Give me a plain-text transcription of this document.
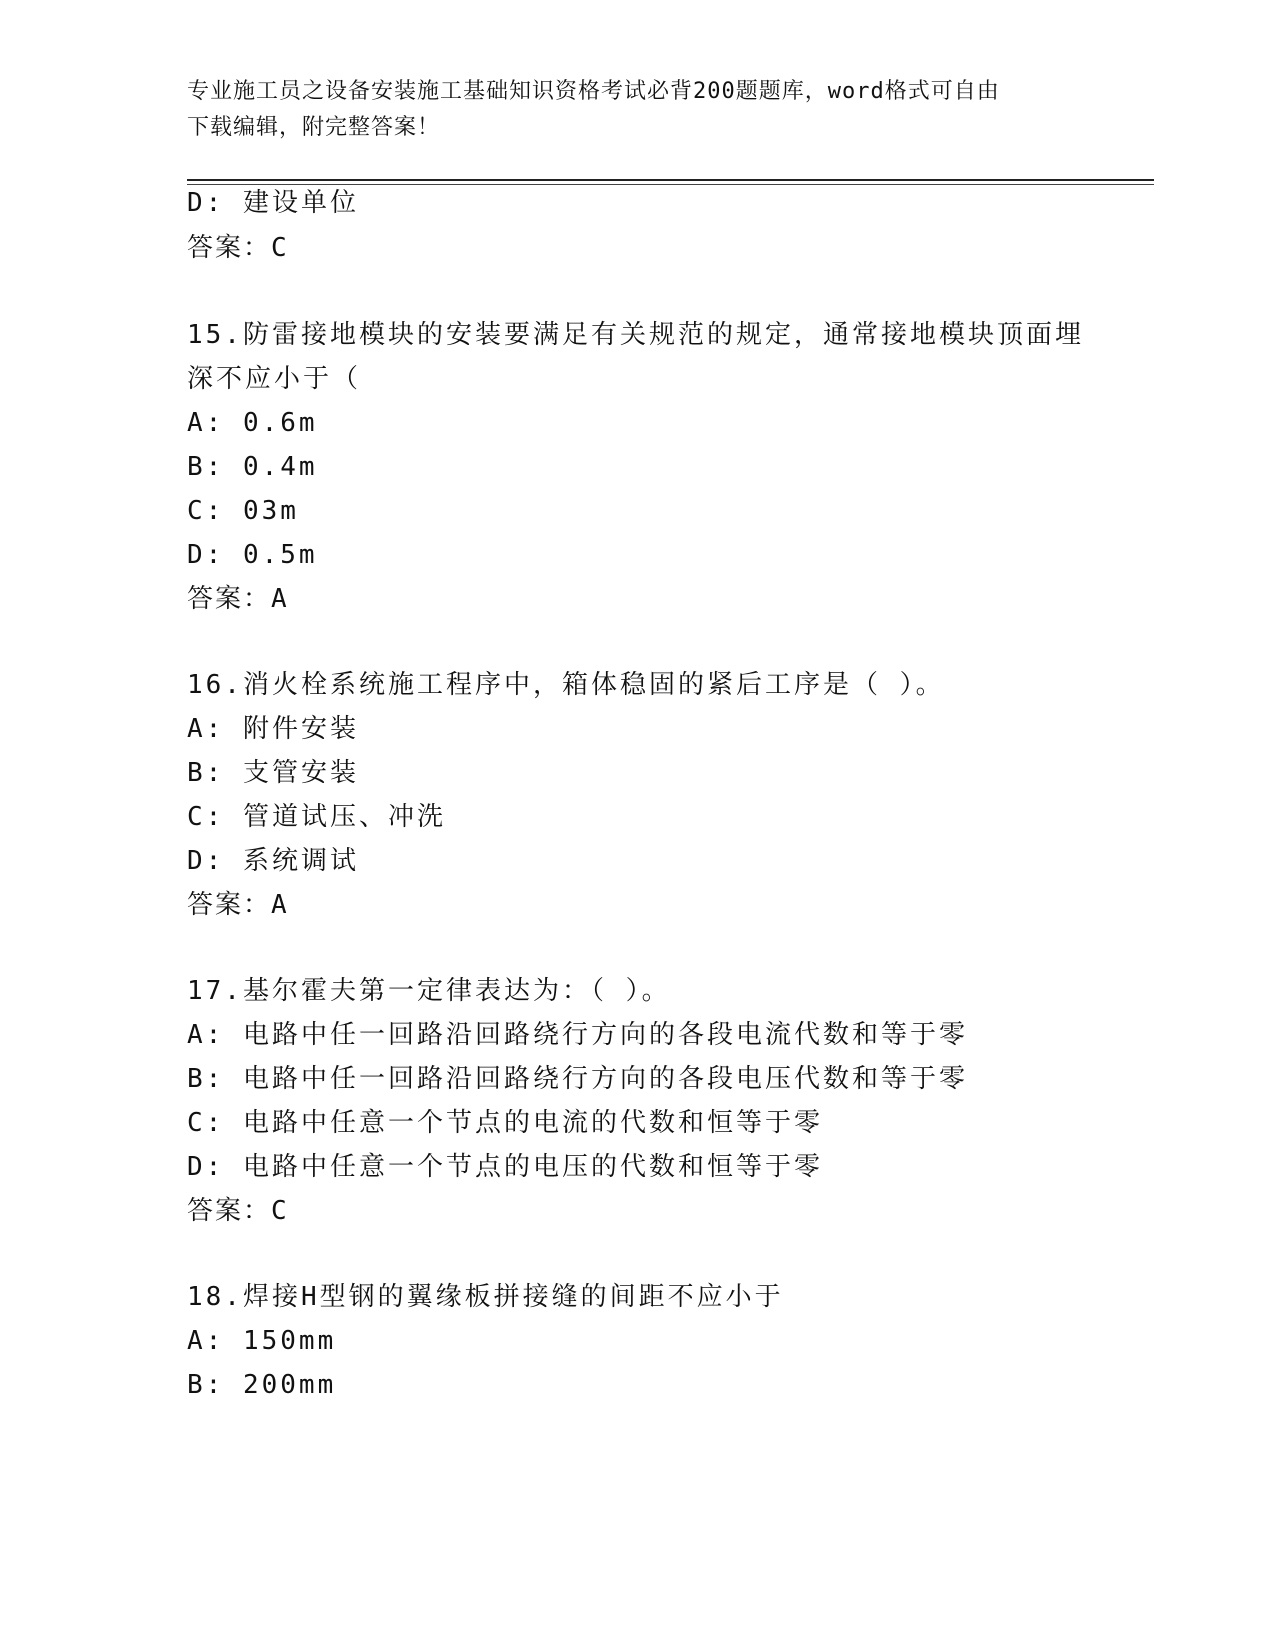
专业施工员之设备安装施工基础知识资格考试必背200题题库，word格式可自由
下载编辑，附完整答案！
D: 建设单位
答案：C
15.防雷接地模块的安装要满足有关规范的规定，通常接地模块顶面埋
深不应小于（
A: 0.6m
B: 0.4m
C: 03m
D: 0.5m
答案：A
16.消火栓系统施工程序中，箱体稳固的紧后工序是（ ）。
A: 附件安装
B: 支管安装
C: 管道试压、冲洗
D: 系统调试
答案：A
17.基尔霍夫第一定律表达为：（ ）。
A: 电路中任一回路沿回路绕行方向的各段电流代数和等于零
B: 电路中任一回路沿回路绕行方向的各段电压代数和等于零
C: 电路中任意一个节点的电流的代数和恒等于零
D: 电路中任意一个节点的电压的代数和恒等于零
答案：C
18.焊接H型钢的翼缘板拼接缝的间距不应小于
A: 150mm
B: 200mm
